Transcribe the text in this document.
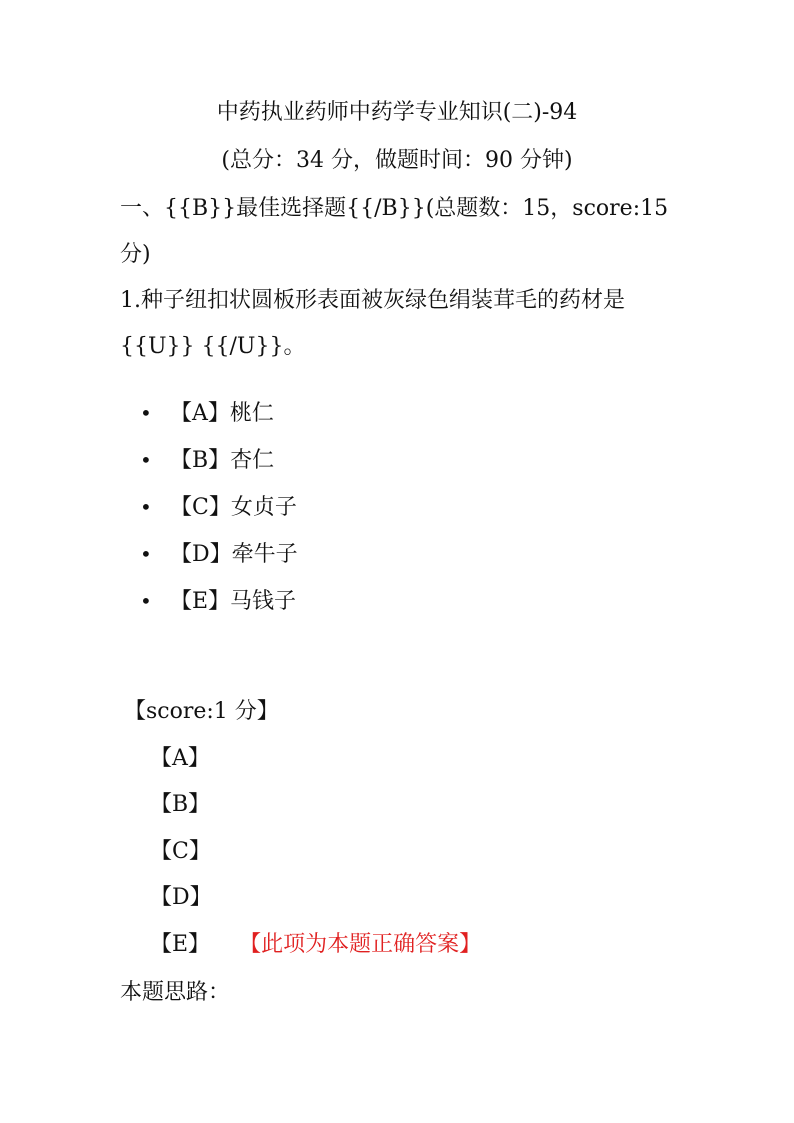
中药执业药师中药学专业知识(二)-94
(总分：34 分，做题时间：90 分钟)
一、{{B}}最佳选择题{{/B}}(总题数：15，score:15
分)
1.种子纽扣状圆板形表面被灰绿色绢装茸毛的药材是
{{U}} {{/U}}。
• 【A】桃仁
• 【B】杏仁
• 【C】女贞子
• 【D】牵牛子
• 【E】马钱子
【score:1 分】
【A】
【B】
【C】
【D】
【E】 【此项为本题正确答案】
本题思路：
